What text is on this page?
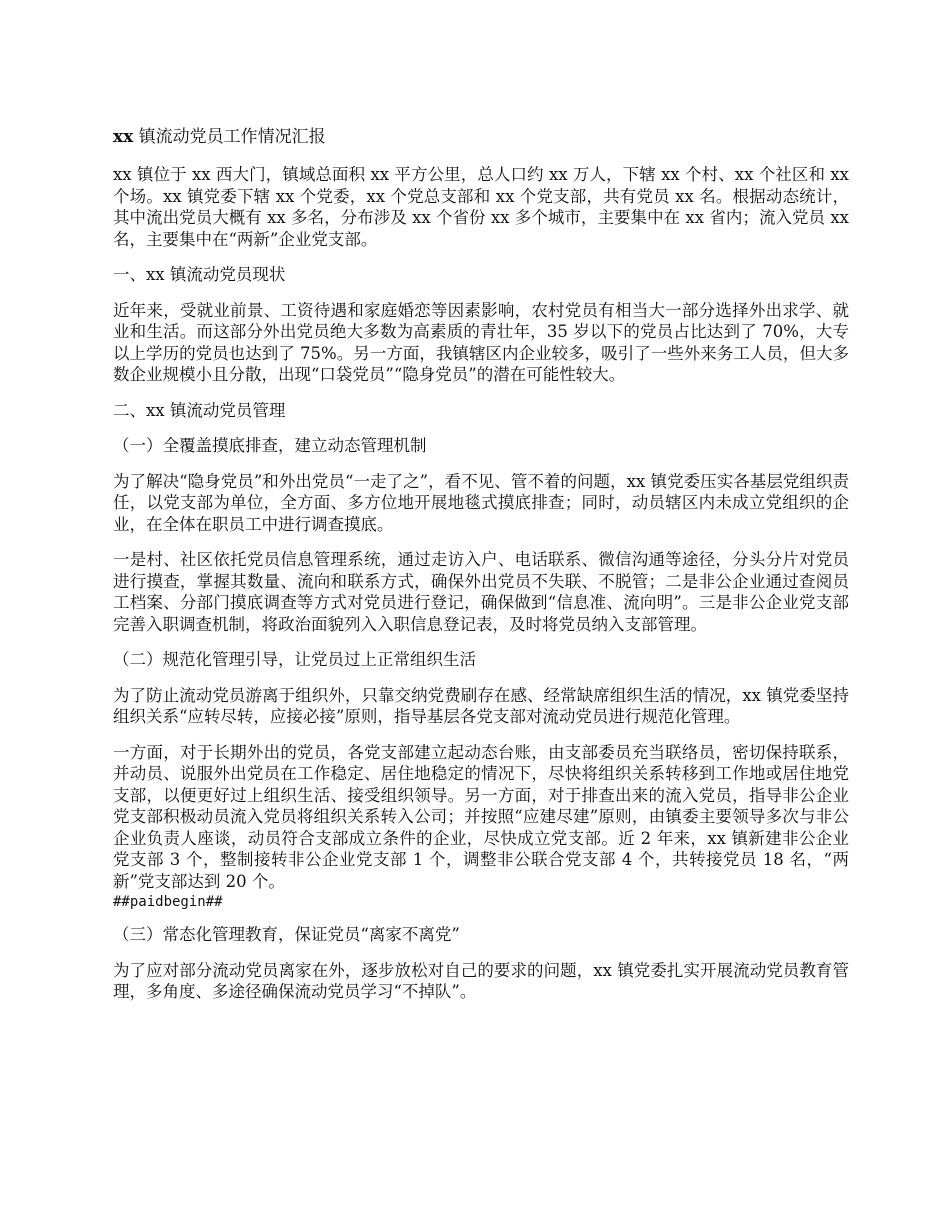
xx 镇流动党员工作情况汇报

xx 镇位于 xx 西大门，镇域总面积 xx 平方公里，总人口约 xx 万人，下辖 xx 个村、xx 个社区和 xx 个场。xx 镇党委下辖 xx 个党委，xx 个党总支部和 xx 个党支部，共有党员 xx 名。根据动态统计，其中流出党员大概有 xx 多名，分布涉及 xx 个省份 xx 多个城市，主要集中在 xx 省内；流入党员 xx 名，主要集中在“两新”企业党支部。

一、xx 镇流动党员现状

近年来，受就业前景、工资待遇和家庭婚恋等因素影响，农村党员有相当大一部分选择外出求学、就业和生活。而这部分外出党员绝大多数为高素质的青壮年，35 岁以下的党员占比达到了 70%，大专以上学历的党员也达到了 75%。另一方面，我镇辖区内企业较多，吸引了一些外来务工人员，但大多数企业规模小且分散，出现“口袋党员”“隐身党员”的潜在可能性较大。

二、xx 镇流动党员管理

（一）全覆盖摸底排查，建立动态管理机制

为了解决“隐身党员”和外出党员“一走了之”，看不见、管不着的问题，xx 镇党委压实各基层党组织责任，以党支部为单位，全方面、多方位地开展地毯式摸底排查；同时，动员辖区内未成立党组织的企业，在全体在职员工中进行调查摸底。

一是村、社区依托党员信息管理系统，通过走访入户、电话联系、微信沟通等途径，分头分片对党员进行摸查，掌握其数量、流向和联系方式，确保外出党员不失联、不脱管；二是非公企业通过查阅员工档案、分部门摸底调查等方式对党员进行登记，确保做到“信息准、流向明”。三是非公企业党支部完善入职调查机制，将政治面貌列入入职信息登记表，及时将党员纳入支部管理。

（二）规范化管理引导，让党员过上正常组织生活

为了防止流动党员游离于组织外，只靠交纳党费刷存在感、经常缺席组织生活的情况，xx 镇党委坚持组织关系“应转尽转，应接必接”原则，指导基层各党支部对流动党员进行规范化管理。

一方面，对于长期外出的党员，各党支部建立起动态台账，由支部委员充当联络员，密切保持联系，并动员、说服外出党员在工作稳定、居住地稳定的情况下，尽快将组织关系转移到工作地或居住地党支部，以便更好过上组织生活、接受组织领导。另一方面，对于排查出来的流入党员，指导非公企业党支部积极动员流入党员将组织关系转入公司；并按照“应建尽建”原则，由镇委主要领导多次与非公企业负责人座谈，动员符合支部成立条件的企业，尽快成立党支部。近 2 年来，xx 镇新建非公企业党支部 3 个，整制接转非公企业党支部 1 个，调整非公联合党支部 4 个，共转接党员 18 名，“两新”党支部达到 20 个。
##paidbegin##

（三）常态化管理教育，保证党员“离家不离党”

为了应对部分流动党员离家在外，逐步放松对自己的要求的问题，xx 镇党委扎实开展流动党员教育管理，多角度、多途径确保流动党员学习“不掉队”。
